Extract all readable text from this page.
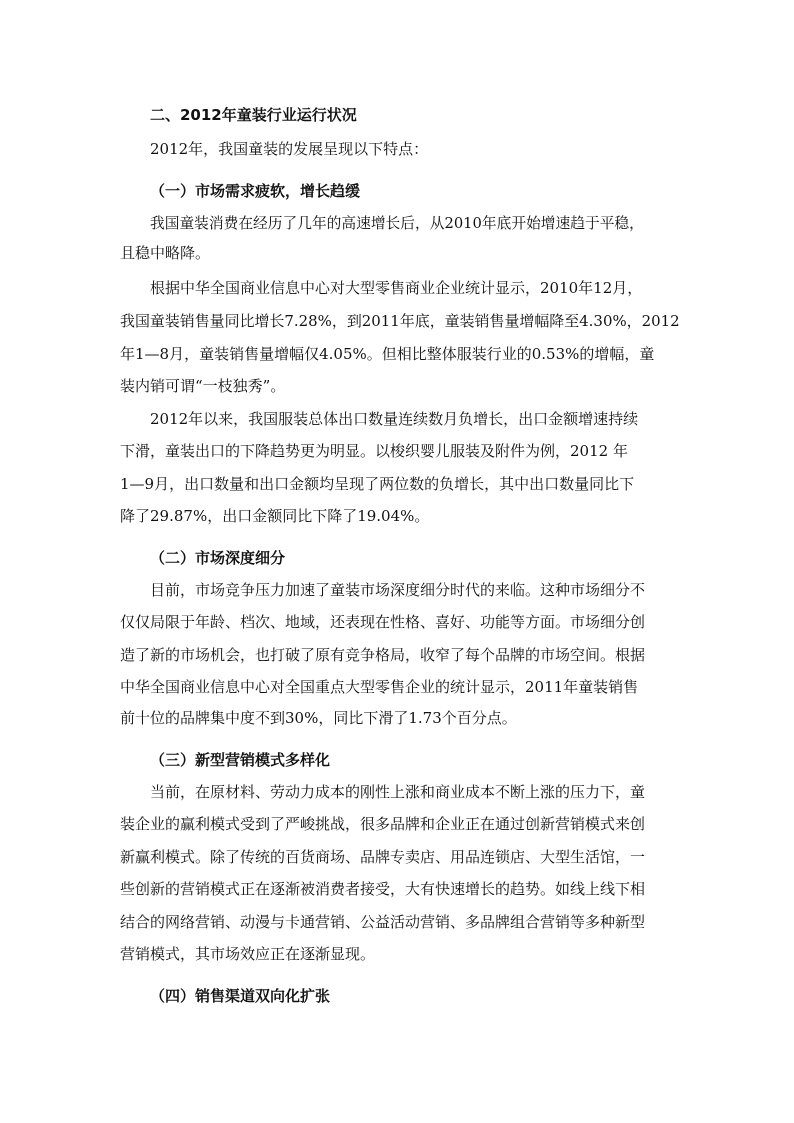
二、2012年童装行业运行状况
2012年，我国童装的发展呈现以下特点：
（一）市场需求疲软，增长趋缓
我国童装消费在经历了几年的高速增长后，从2010年底开始增速趋于平稳，
且稳中略降。
根据中华全国商业信息中心对大型零售商业企业统计显示，2010年12月，
我国童装销售量同比增长7.28%，到2011年底，童装销售量增幅降至4.30%，2012
年1—8月，童装销售量增幅仅4.05%。但相比整体服装行业的0.53%的增幅，童
装内销可谓“一枝独秀”。
2012年以来，我国服装总体出口数量连续数月负增长，出口金额增速持续
下滑，童装出口的下降趋势更为明显。以梭织婴儿服装及附件为例，2012 年
1—9月，出口数量和出口金额均呈现了两位数的负增长，其中出口数量同比下
降了29.87%，出口金额同比下降了19.04%。
（二）市场深度细分
目前，市场竞争压力加速了童装市场深度细分时代的来临。这种市场细分不
仅仅局限于年龄、档次、地域，还表现在性格、喜好、功能等方面。市场细分创
造了新的市场机会，也打破了原有竞争格局，收窄了每个品牌的市场空间。根据
中华全国商业信息中心对全国重点大型零售企业的统计显示，2011年童装销售
前十位的品牌集中度不到30%，同比下滑了1.73个百分点。
（三）新型营销模式多样化
当前，在原材料、劳动力成本的刚性上涨和商业成本不断上涨的压力下，童
装企业的赢利模式受到了严峻挑战，很多品牌和企业正在通过创新营销模式来创
新赢利模式。除了传统的百货商场、品牌专卖店、用品连锁店、大型生活馆，一
些创新的营销模式正在逐渐被消费者接受，大有快速增长的趋势。如线上线下相
结合的网络营销、动漫与卡通营销、公益活动营销、多品牌组合营销等多种新型
营销模式，其市场效应正在逐渐显现。
（四）销售渠道双向化扩张
